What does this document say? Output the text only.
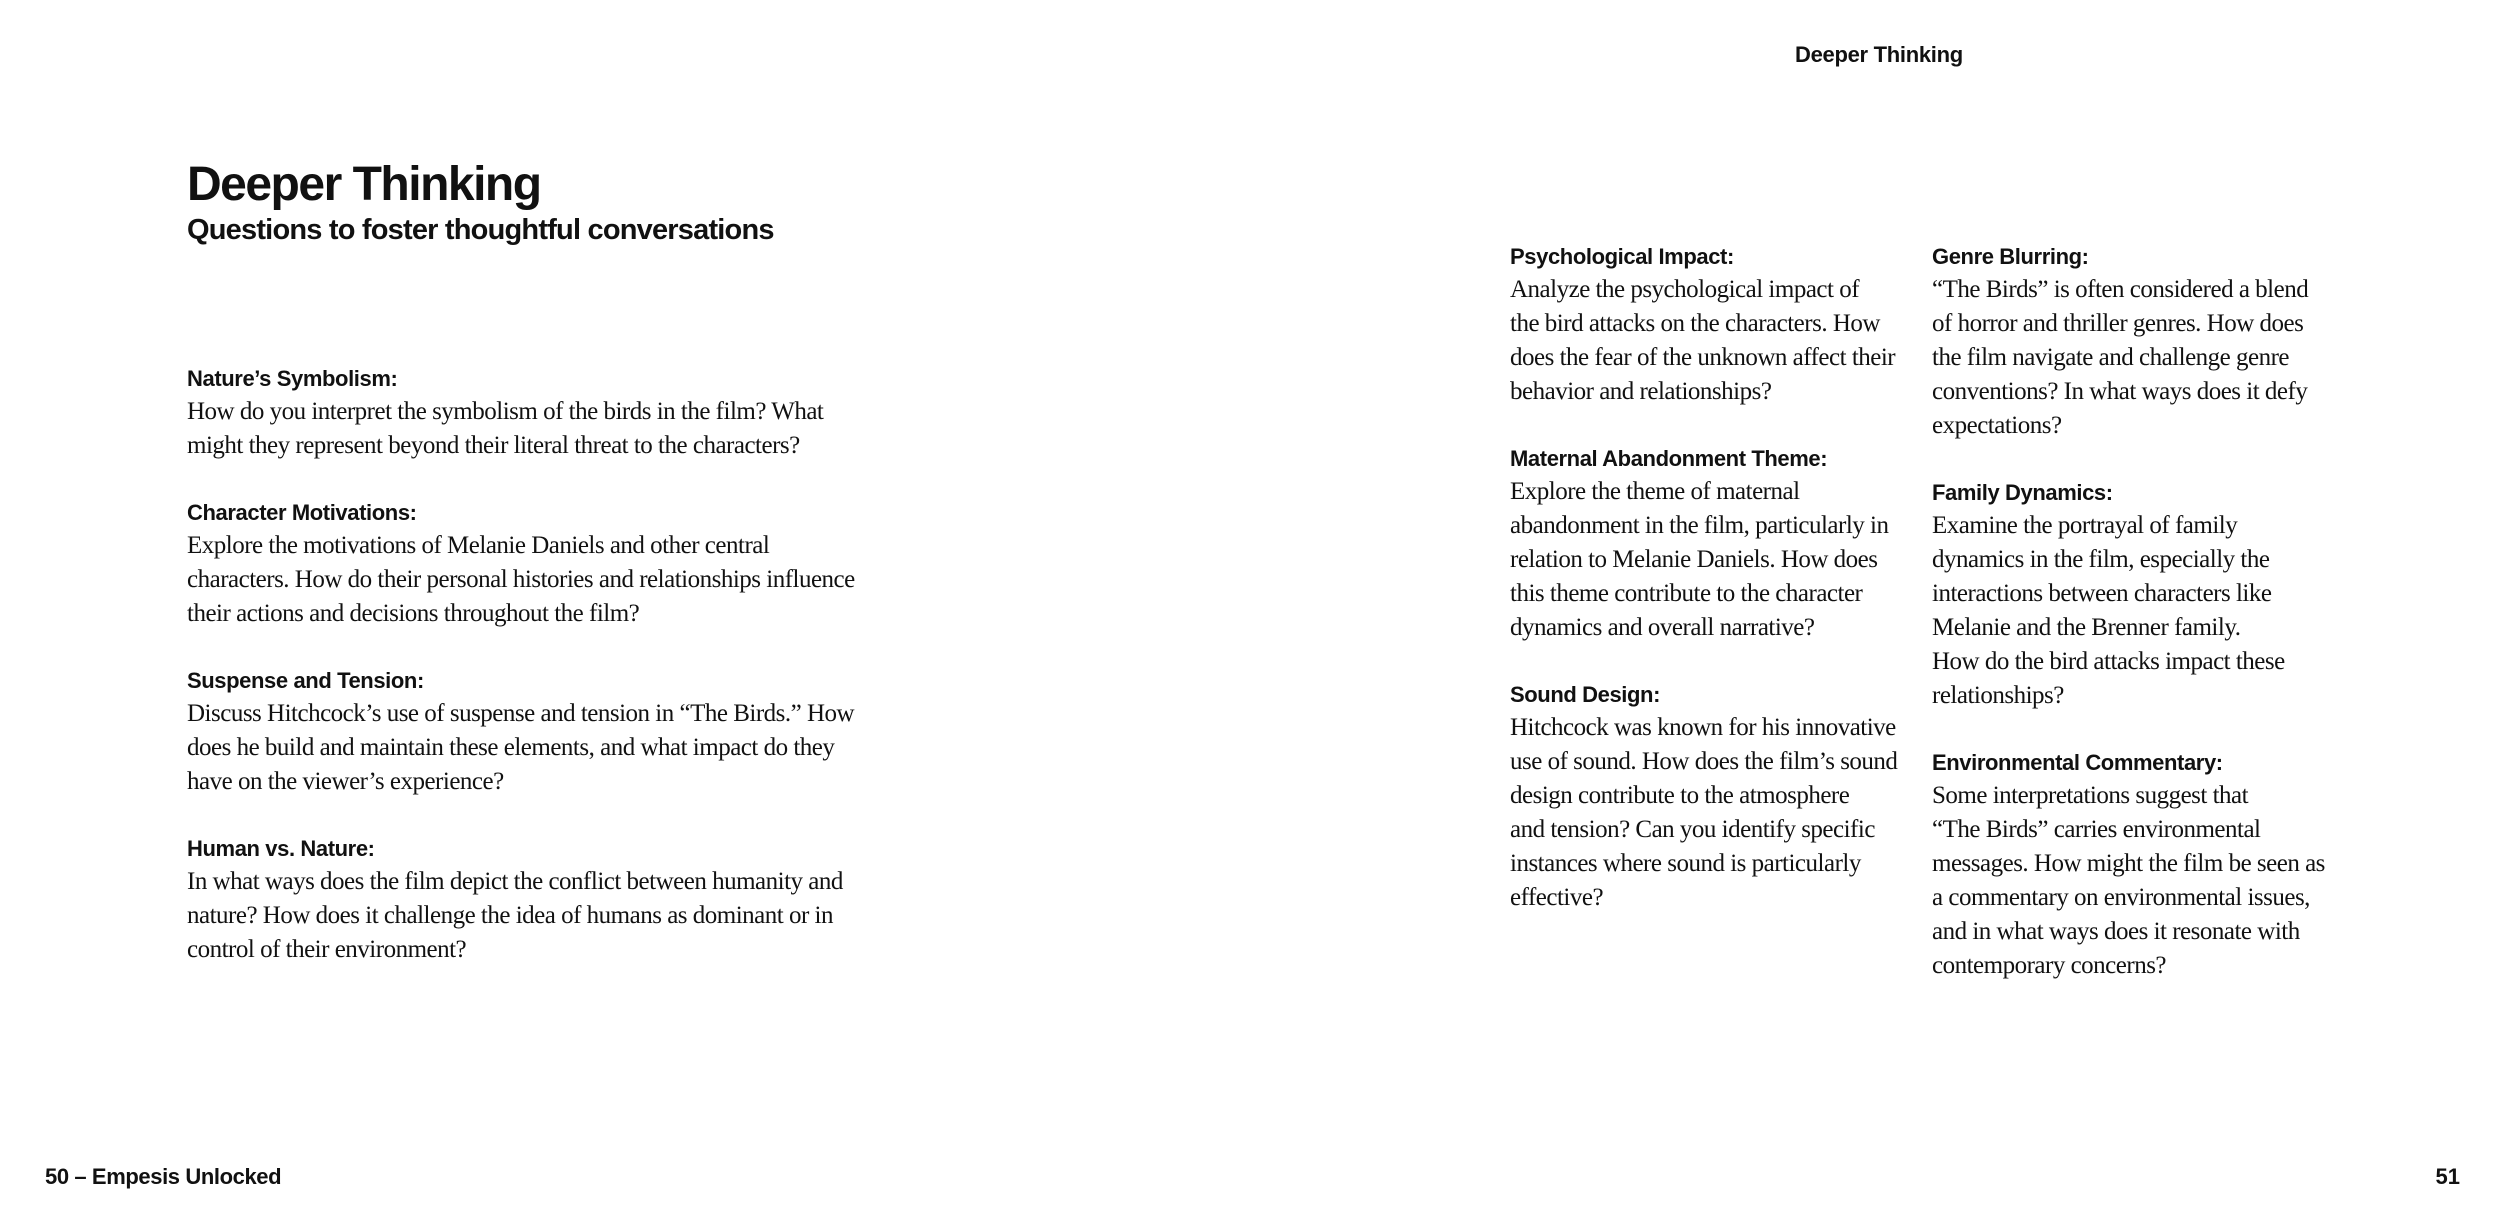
Deeper Thinking
Deeper Thinking
Questions to foster thoughtful conversations
Nature’s Symbolism:
How do you interpret the symbolism of the birds in the film? What
might they represent beyond their literal threat to the characters?
Character Motivations:
Explore the motivations of Melanie Daniels and other central
characters. How do their personal histories and relationships influence
their actions and decisions throughout the film?
Suspense and Tension:
Discuss Hitchcock’s use of suspense and tension in “The Birds.” How
does he build and maintain these elements, and what impact do they
have on the viewer’s experience?
Human vs. Nature:
In what ways does the film depict the conflict between humanity and
nature? How does it challenge the idea of humans as dominant or in
control of their environment?
Psychological Impact:
Analyze the psychological impact of
the bird attacks on the characters. How
does the fear of the unknown affect their
behavior and relationships?
Maternal Abandonment Theme:
Explore the theme of maternal
abandonment in the film, particularly in
relation to Melanie Daniels. How does
this theme contribute to the character
dynamics and overall narrative?
Sound Design:
Hitchcock was known for his innovative
use of sound. How does the film’s sound
design contribute to the atmosphere
and tension? Can you identify specific
instances where sound is particularly
effective?
Genre Blurring:
“The Birds” is often considered a blend
of horror and thriller genres. How does
the film navigate and challenge genre
conventions? In what ways does it defy
expectations?
Family Dynamics:
Examine the portrayal of family
dynamics in the film, especially the
interactions between characters like
Melanie and the Brenner family.
How do the bird attacks impact these
relationships?
Environmental Commentary:
Some interpretations suggest that
“The Birds” carries environmental
messages. How might the film be seen as
a commentary on environmental issues,
and in what ways does it resonate with
contemporary concerns?
50 – Empesis Unlocked	51
